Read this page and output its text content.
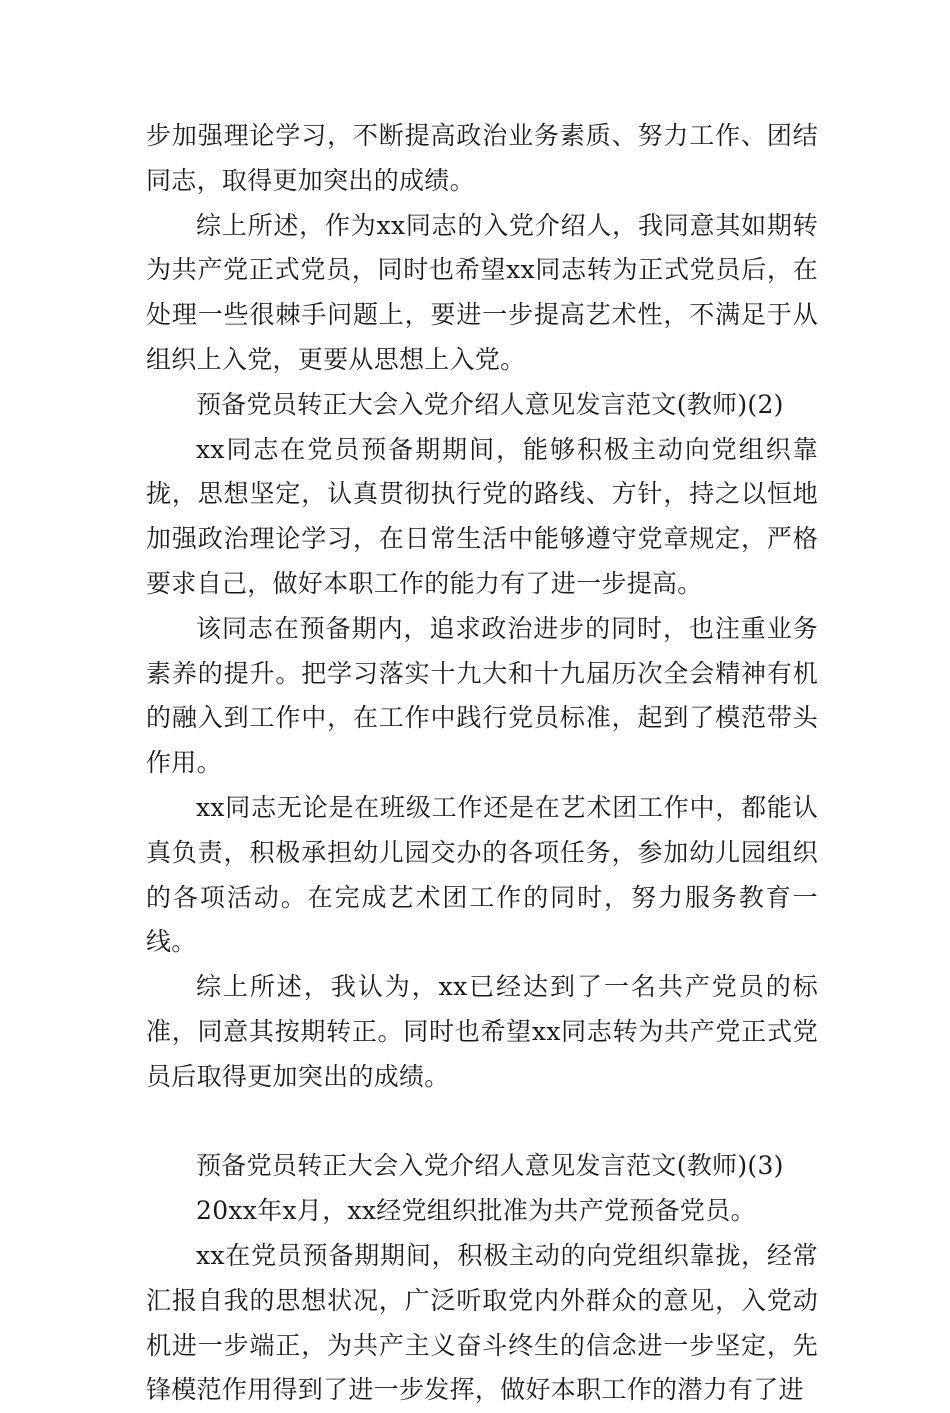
步加强理论学习，不断提高政治业务素质、努力工作、团结同志，取得更加突出的成绩。

综上所述，作为xx同志的入党介绍人，我同意其如期转为共产党正式党员，同时也希望xx同志转为正式党员后，在处理一些很棘手问题上，要进一步提高艺术性，不满足于从组织上入党，更要从思想上入党。

预备党员转正大会入党介绍人意见发言范文(教师)(2)

xx同志在党员预备期期间，能够积极主动向党组织靠拢，思想坚定，认真贯彻执行党的路线、方针，持之以恒地加强政治理论学习，在日常生活中能够遵守党章规定，严格要求自己，做好本职工作的能力有了进一步提高。

该同志在预备期内，追求政治进步的同时，也注重业务素养的提升。把学习落实十九大和十九届历次全会精神有机的融入到工作中，在工作中践行党员标准，起到了模范带头作用。

xx同志无论是在班级工作还是在艺术团工作中，都能认真负责，积极承担幼儿园交办的各项任务，参加幼儿园组织的各项活动。在完成艺术团工作的同时，努力服务教育一线。

综上所述，我认为，xx已经达到了一名共产党员的标准，同意其按期转正。同时也希望xx同志转为共产党正式党员后取得更加突出的成绩。

预备党员转正大会入党介绍人意见发言范文(教师)(3)

20xx年x月，xx经党组织批准为共产党预备党员。

xx在党员预备期期间，积极主动的向党组织靠拢，经常汇报自我的思想状况，广泛听取党内外群众的意见，入党动机进一步端正，为共产主义奋斗终生的信念进一步坚定，先锋模范作用得到了进一步发挥，做好本职工作的潜力有了进
